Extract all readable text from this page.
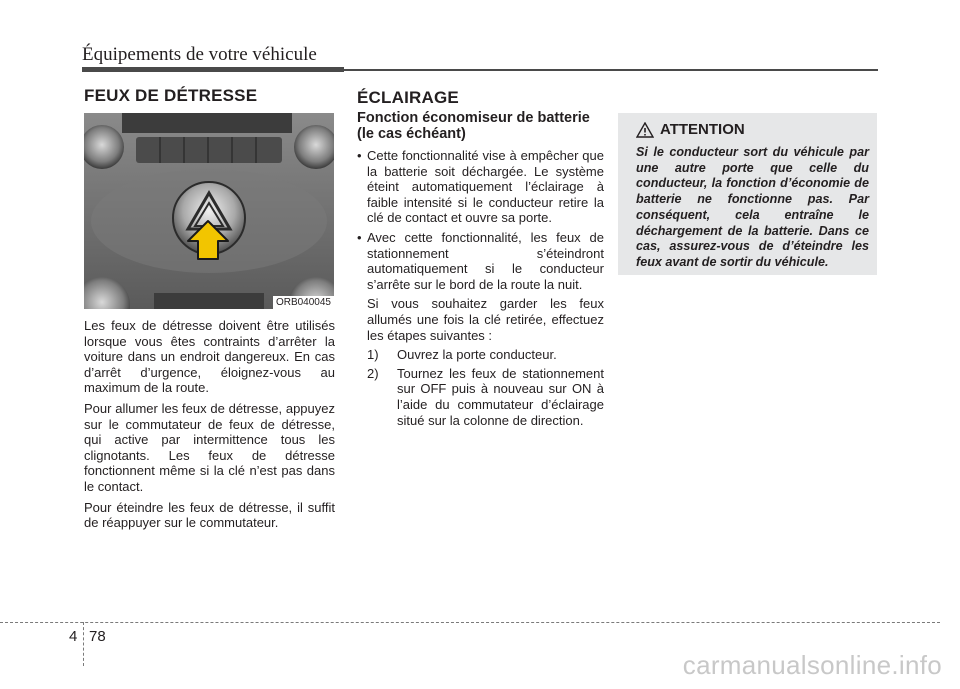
Équipements de votre véhicule
FEUX DE DÉTRESSE
ORB040045

Les feux de détresse doivent être utilisés lorsque vous êtes contraints d’arrêter la voiture dans un endroit dangereux. En cas d’arrêt d’urgence, éloignez-vous au maximum de la route.

Pour allumer les feux de détresse, appuyez sur le commutateur de feux de détresse, qui active par intermittence tous les clignotants. Les feux de détresse fonctionnent même si la clé n’est pas dans le contact.

Pour éteindre les feux de détresse, il suffit de réappuyer sur le commutateur.

ÉCLAIRAGE
Fonction économiseur de batterie (le cas échéant)
• Cette fonctionnalité vise à empêcher que la batterie soit déchargée. Le système éteint automatiquement l’éclairage à faible intensité si le conducteur retire la clé de contact et ouvre sa porte.
• Avec cette fonctionnalité, les feux de stationnement s’éteindront automatiquement si le conducteur s’arrête sur le bord de la route la nuit.
Si vous souhaitez garder les feux allumés une fois la clé retirée, effectuez les étapes suivantes :
1) Ouvrez la porte conducteur.
2) Tournez les feux de stationnement sur OFF puis à nouveau sur ON à l’aide du commutateur d’éclairage situé sur la colonne de direction.
ATTENTION
Si le conducteur sort du véhicule par une autre porte que celle du conducteur, la fonction d’économie de batterie ne fonctionne pas. Par conséquent, cela entraîne le déchargement de la batterie. Dans ce cas, assurez-vous de d’éteindre les feux avant de sortir du véhicule.
4 78
carmanualsonline.info
